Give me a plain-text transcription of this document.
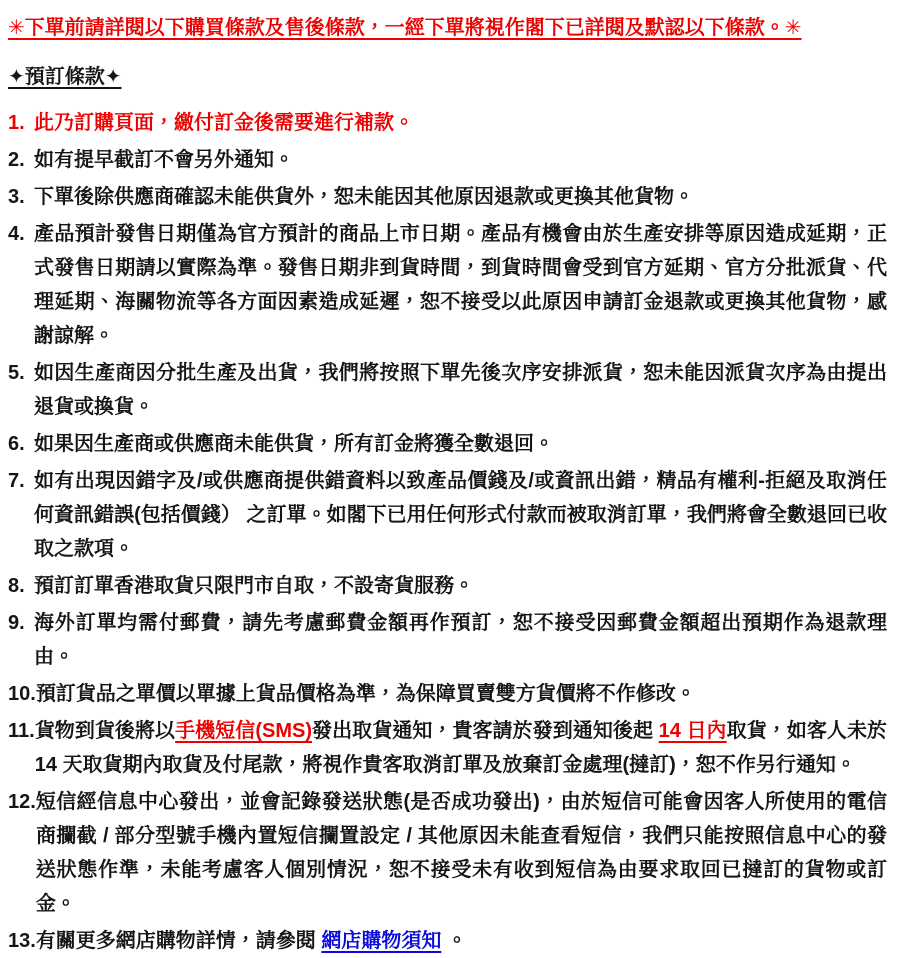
✳下單前請詳閱以下購買條款及售後條款，一經下單將視作閣下已詳閱及默認以下條款。✳
✦預訂條款✦
1. 此乃訂購頁面，繳付訂金後需要進行補款。
2. 如有提早截訂不會另外通知。
3. 下單後除供應商確認未能供貨外，恕未能因其他原因退款或更換其他貨物。
4. 產品預計發售日期僅為官方預計的商品上市日期。產品有機會由於生產安排等原因造成延期，正式發售日期請以實際為準。發售日期非到貨時間，到貨時間會受到官方延期、官方分批派貨、代理延期、海關物流等各方面因素造成延遲，恕不接受以此原因申請訂金退款或更換其他貨物，感謝諒解。
5. 如因生產商因分批生產及出貨，我們將按照下單先後次序安排派貨，恕未能因派貨次序為由提出退貨或換貨。
6. 如果因生產商或供應商未能供貨，所有訂金將獲全數退回。
7. 如有出現因錯字及/或供應商提供錯資料以致產品價錢及/或資訊出錯，精品有權利-拒絕及取消任何資訊錯誤(包括價錢） 之訂單。如閣下已用任何形式付款而被取消訂單，我們將會全數退回已收取之款項。
8. 預訂訂單香港取貨只限門市自取，不設寄貨服務。
9. 海外訂單均需付郵費，請先考慮郵費金額再作預訂，恕不接受因郵費金額超出預期作為退款理由。
10. 預訂貨品之單價以單據上貨品價格為準，為保障買賣雙方貨價將不作修改。
11. 貨物到貨後將以手機短信(SMS)發出取貨通知，貴客請於發到通知後起 14 日內取貨，如客人未於 14 天取貨期內取貨及付尾款，將視作貴客取消訂單及放棄訂金處理(撻訂)，恕不作另行通知。
12. 短信經信息中心發出，並會記錄發送狀態(是否成功發出)，由於短信可能會因客人所使用的電信商攔截 / 部分型號手機內置短信攔置設定 / 其他原因未能查看短信，我們只能按照信息中心的發送狀態作準，未能考慮客人個別情況，恕不接受未有收到短信為由要求取回已撻訂的貨物或訂金。
13. 有關更多網店購物詳情，請參閱 網店購物須知 。
